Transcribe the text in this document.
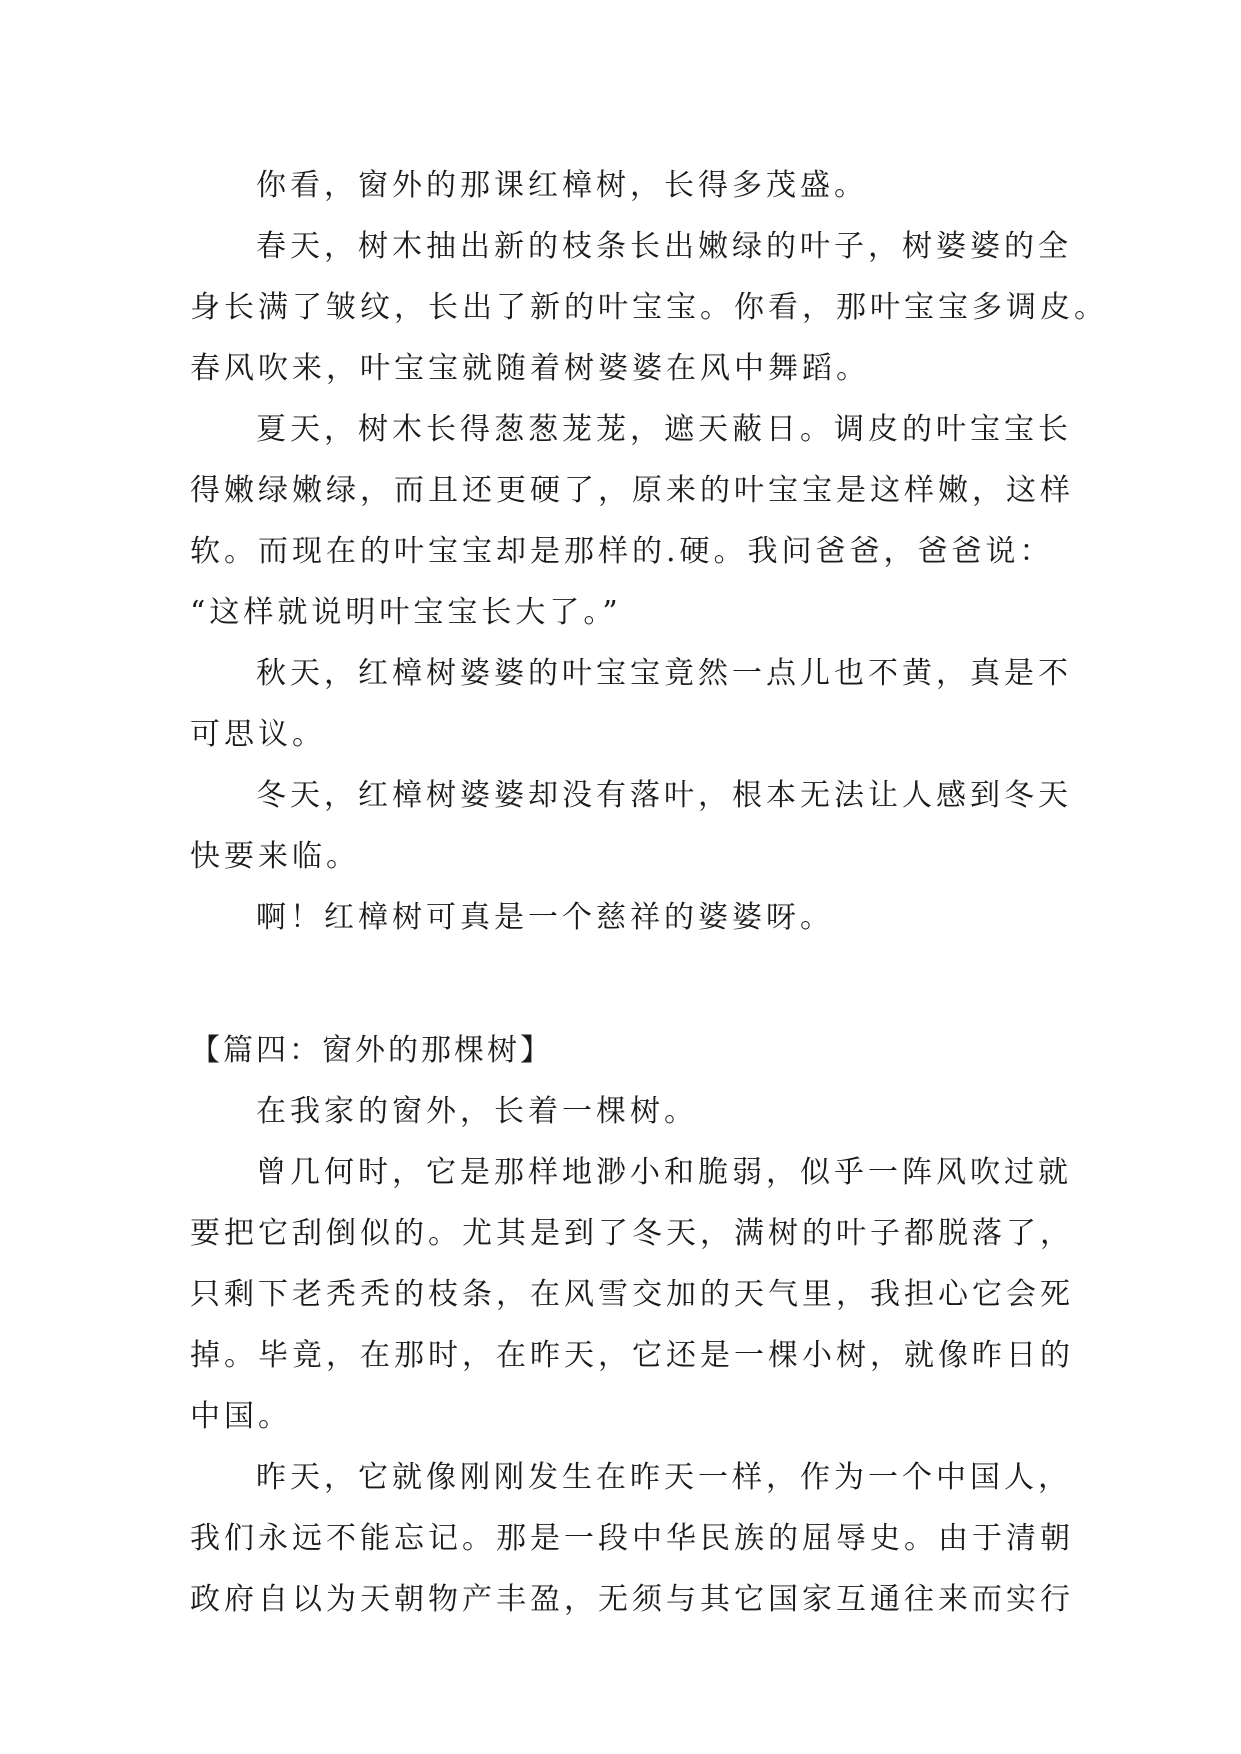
你看，窗外的那课红樟树，长得多茂盛。
春天，树木抽出新的枝条长出嫩绿的叶子，树婆婆的全
身长满了皱纹，长出了新的叶宝宝。你看，那叶宝宝多调皮。
春风吹来，叶宝宝就随着树婆婆在风中舞蹈。
夏天，树木长得葱葱茏茏，遮天蔽日。调皮的叶宝宝长
得嫩绿嫩绿，而且还更硬了，原来的叶宝宝是这样嫩，这样
软。而现在的叶宝宝却是那样的.硬。我问爸爸，爸爸说：
“这样就说明叶宝宝长大了。”
秋天，红樟树婆婆的叶宝宝竟然一点儿也不黄，真是不
可思议。
冬天，红樟树婆婆却没有落叶，根本无法让人感到冬天
快要来临。
啊！红樟树可真是一个慈祥的婆婆呀。
【篇四：窗外的那棵树】
在我家的窗外，长着一棵树。
曾几何时，它是那样地渺小和脆弱，似乎一阵风吹过就
要把它刮倒似的。尤其是到了冬天，满树的叶子都脱落了，
只剩下老秃秃的枝条，在风雪交加的天气里，我担心它会死
掉。毕竟，在那时，在昨天，它还是一棵小树，就像昨日的
中国。
昨天，它就像刚刚发生在昨天一样，作为一个中国人，
我们永远不能忘记。那是一段中华民族的屈辱史。由于清朝
政府自以为天朝物产丰盈，无须与其它国家互通往来而实行
